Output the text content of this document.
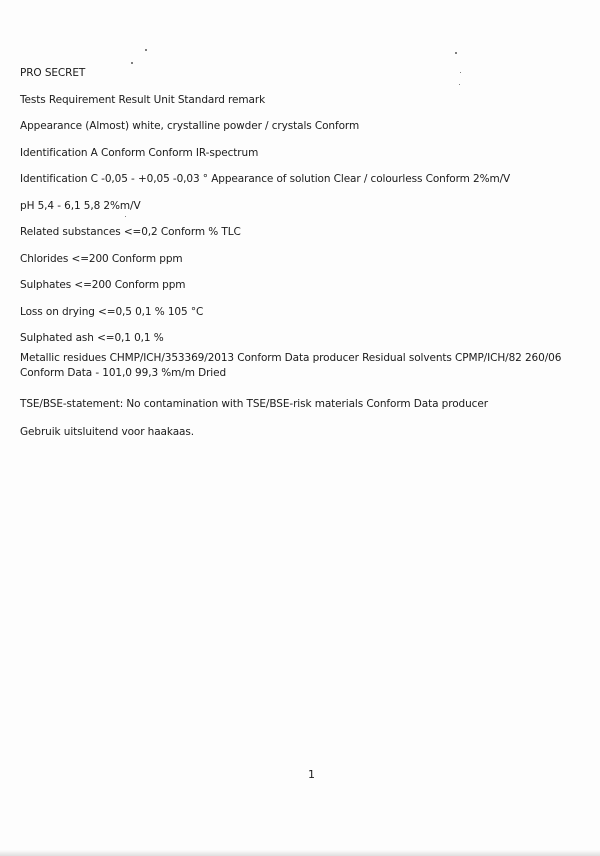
PRO SECRET
Tests Requirement Result Unit Standard remark
Appearance (Almost) white, crystalline powder / crystals Conform
Identification A Conform Conform IR-spectrum
Identification C -0,05 - +0,05 -0,03 ° Appearance of solution Clear / colourless Conform 2%m/V
pH 5,4 - 6,1 5,8 2%m/V
Related substances <=0,2 Conform % TLC
Chlorides <=200 Conform ppm
Sulphates <=200 Conform ppm
Loss on drying <=0,5 0,1 % 105 °C
Sulphated ash <=0,1 0,1 %
Metallic residues CHMP/ICH/353369/2013 Conform Data producer Residual solvents CPMP/ICH/82 260/06 Conform Data - 101,0 99,3 %m/m Dried
TSE/BSE-statement: No contamination with TSE/BSE-risk materials Conform Data producer
Gebruik uitsluitend voor haakaas.
1
